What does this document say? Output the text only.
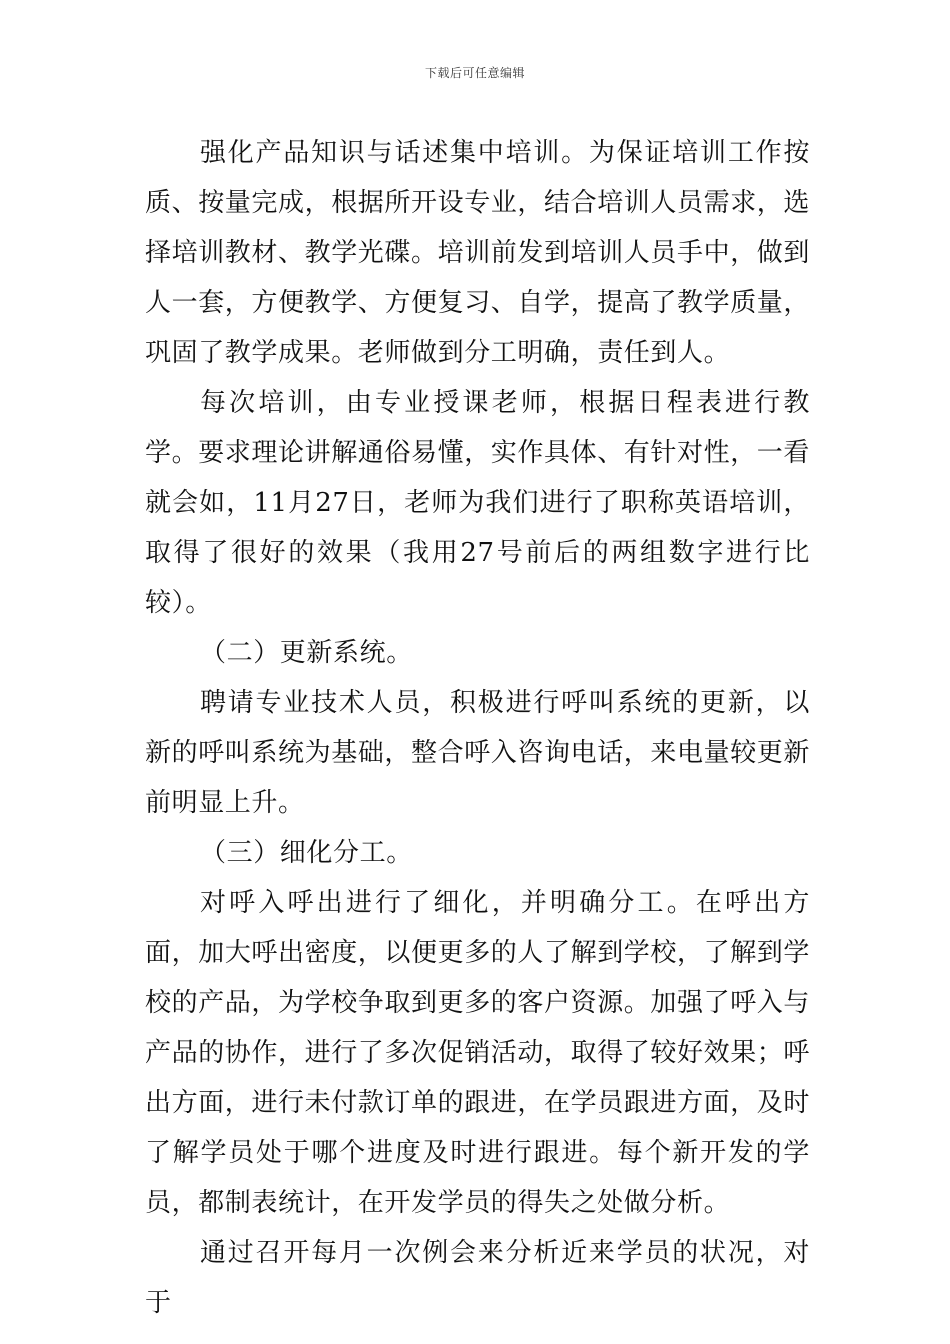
下载后可任意编辑

强化产品知识与话述集中培训。为保证培训工作按质、按量完成，根据所开设专业，结合培训人员需求，选择培训教材、教学光碟。培训前发到培训人员手中，做到人一套，方便教学、方便复习、自学，提高了教学质量，巩固了教学成果。老师做到分工明确，责任到人。

每次培训，由专业授课老师，根据日程表进行教学。要求理论讲解通俗易懂，实作具体、有针对性，一看就会如，11月27日，老师为我们进行了职称英语培训，取得了很好的效果（我用27号前后的两组数字进行比较）。

（二）更新系统。

聘请专业技术人员，积极进行呼叫系统的更新，以新的呼叫系统为基础，整合呼入咨询电话，来电量较更新前明显上升。

（三）细化分工。

对呼入呼出进行了细化，并明确分工。在呼出方面，加大呼出密度，以便更多的人了解到学校，了解到学校的产品，为学校争取到更多的客户资源。加强了呼入与产品的协作，进行了多次促销活动，取得了较好效果；呼出方面，进行未付款订单的跟进，在学员跟进方面，及时了解学员处于哪个进度及时进行跟进。每个新开发的学员，都制表统计，在开发学员的得失之处做分析。

通过召开每月一次例会来分析近来学员的状况，对于
